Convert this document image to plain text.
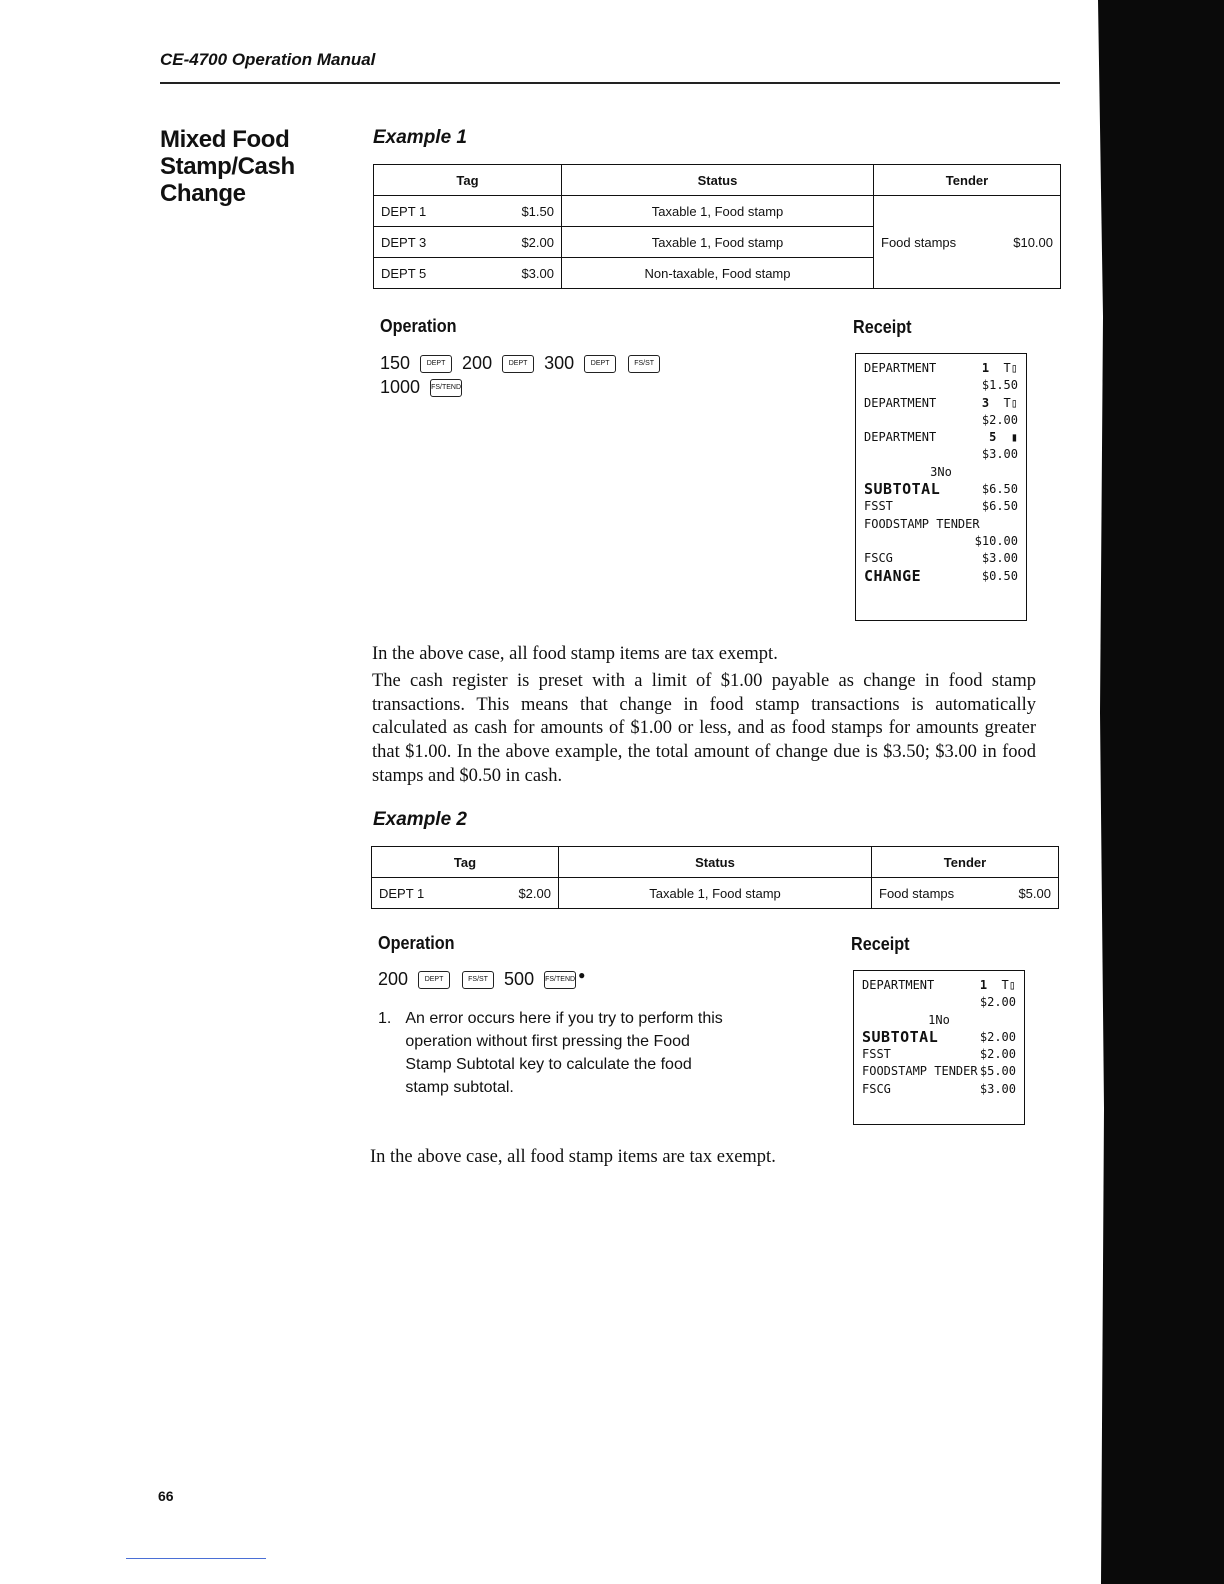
CE-4700 Operation Manual
Mixed Food Stamp/Cash Change
Example 1
Tag	Status	Tender

DEPT 1 $1.50	Taxable 1, Food stamp	Food stamps $10.00

DEPT 3 $2.00	Taxable 1, Food stamp	

DEPT 5 $3.00	Non-taxable, Food stamp	
Operation	Receipt
150	DEPT 200	DEPT 300	DEPT	FS/ST
1000 FS/TEND
DEPARTMENT	1 T▯
$1.50
DEPARTMENT	3 T▯
$2.00
DEPARTMENT	5 ▮
$3.00
3No
SUBTOTAL	$6.50
FSST	$6.50
FOODSTAMP TENDER
$10.00
FSCG	$3.00
CHANGE	$0.50

In the above case, all food stamp items are tax exempt.

The cash register is preset with a limit of $1.00 payable as change in food stamp transactions. This means that change in food stamp transactions is automatically calculated as cash for amounts of $1.00 or less, and as food stamps for amounts greater that $1.00. In the above example, the total amount of change due is $3.50; $3.00 in food stamps and $0.50 in cash.

Example 2
Tag	Status	Tender

DEPT 1 $2.00	Taxable 1, Food stamp	Food stamps $5.00
Operation	Receipt
200	DEPT	FS/ST 500 FS/TEND ●
1. An error occurs here if you try to perform this operation without first pressing the Food Stamp Subtotal key to calculate the food stamp subtotal.
DEPARTMENT	1 T▯
$2.00
1No
SUBTOTAL	$2.00
FSST	$2.00
FOODSTAMP TENDER $5.00
FSCG	$3.00

In the above case, all food stamp items are tax exempt.

66
